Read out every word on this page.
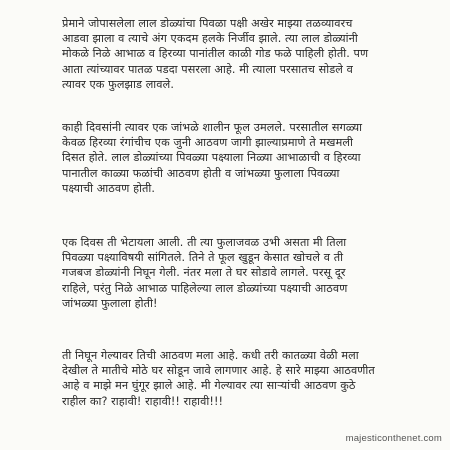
प्रेमाने जोपासलेला लाल डोळ्यांचा पिवळा पक्षी अखेर माझ्या तळव्यावरच
आडवा झाला व त्याचे अंग एकदम हलके निर्जीव झाले. त्या लाल डोळ्यांनी
मोकळे निळे आभाळ व हिरव्या पानांतील काळी गोड फळे पाहिली होती. पण
आता त्यांच्यावर पातळ पडदा पसरला आहे. मी त्याला परसातच सोडले व
त्यावर एक फुलझाड लावले.

काही दिवसांनी त्यावर एक जांभळे शालीन फूल उमलले. परसातील सगळ्या
केवळ हिरव्या रंगांचीच एक जुनी आठवण जागी झाल्याप्रमाणे ते मखमली
दिसत होते. लाल डोळ्यांच्या पिवळ्या पक्ष्याला निळ्या आभाळाची व हिरव्या
पानातील काळ्या फळांची आठवण होती व जांभळ्या फुलाला पिवळ्या
पक्ष्याची आठवण होती.

एक दिवस ती भेटायला आली. ती त्या फुलाजवळ उभी असता मी तिला
पिवळ्या पक्ष्याविषयी सांगितले. तिने ते फूल खुडून केसात खोचले व ती
गजबज डोळ्यांनी निघून गेली. नंतर मला ते घर सोडावे लागले. परसू दूर
राहिले, परंतु निळे आभाळ पाहिलेल्या लाल डोळ्यांच्या पक्ष्याची आठवण
जांभळ्या फुलाला होती!

ती निघून गेल्यावर तिची आठवण मला आहे. कधी तरी कातळ्या वेळी मला
देखील ते मातीचे मोठे घर सोडून जावे लागणार आहे. हे सारे माझ्या आठवणीत
आहे व माझे मन घुंगूर झाले आहे. मी गेल्यावर त्या साऱ्यांची आठवण कुठे
राहील का? राहावी! राहावी!! राहावी!!!

majesticonthenet.com
